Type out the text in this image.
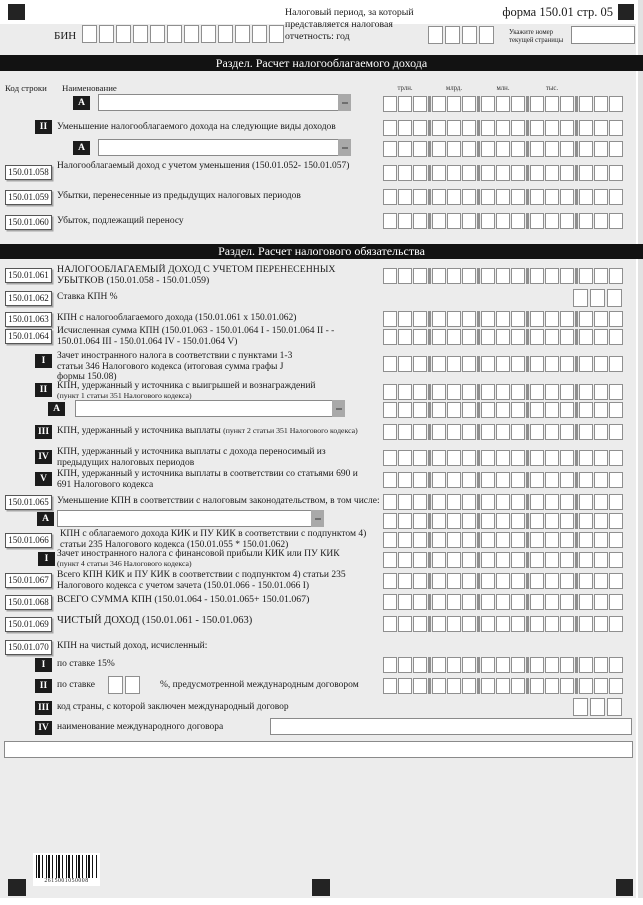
форма 150.01 стр. 05
БИН
Налоговый период, за который представляется налоговая отчетность: год	Укажите номер текущей страницы
Раздел. Расчет налогооблагаемого дохода
Код строки Наименование	трлн.	млрд.	млн.	тыс.
А
II	Уменьшение налогооблагаемого дохода на следующие виды доходов
А
150.01.058
Налогооблагаемый доход с учетом уменьшения (150.01.052- 150.01.057)
150.01.059 Убытки, перенесенные из предыдущих налоговых периодов
150.01.060 Убыток, подлежащий переносу
Раздел. Расчет налогового обязательства
150.01.061 НАЛОГООБЛАГАЕМЫЙ ДОХОД С УЧЕТОМ ПЕРЕНЕСЕННЫХ УБЫТКОВ (150.01.058 - 150.01.059)
150.01.062 Ставка КПН %
150.01.063 КПН с налогооблагаемого дохода (150.01.061 х 150.01.062)
150.01.064 Исчисленная сумма КПН (150.01.063 - 150.01.064 I - 150.01.064 II - - 150.01.064 III - 150.01.064 IV - 150.01.064 V)
I	Зачет иностранного налога в соответствии с пунктами 1-3 статьи 346 Налогового кодекса (итоговая сумма графы J формы 150.08)
II	КПН, удержанный у источника с выигрышей и вознаграждений
(пункт 1 статьи 351 Налогового кодекса)
А
III КПН, удержанный у источника выплаты (пункт 2 статьи 351 Налогового кодекса)
IV КПН, удержанный у источника выплаты с дохода переносимый из предыдущих налоговых периодов
V	КПН, удержанный у источника выплаты в соответствии со статьями 690 и 691 Налогового кодекса
150.01.065 Уменьшение КПН в соответствии с налоговым законодательством, в том числе:
А
150.01.066
КПН с облагаемого дохода КИК и ПУ КИК в соответствии с подпунктом 4) статьи 235 Налогового кодекса (150.01.055 * 150.01.062)
I Зачет иностранного налога с финансовой прибыли КИК или ПУ КИК
(пункт 4 статьи 346 Налогового кодекса)
150.01.067 Всего КПН КИК и ПУ КИК в соответствии с подпунктом 4) статьи 235 Налогового кодекса с учетом зачета (150.01.066 - 150.01.066 I)
150.01.068 ВСЕГО СУММА КПН (150.01.064 - 150.01.065+ 150.01.067)
150.01.069 ЧИСТЫЙ ДОХОД (150.01.061 - 150.01.063)
150.01.070 КПН на чистый доход, исчисленный:
I	по ставке 15%
II	по ставке	%, предусмотренной международным договором
III код страны, с которой заключен международный договор
IV наименование международного договора
2615001050008
